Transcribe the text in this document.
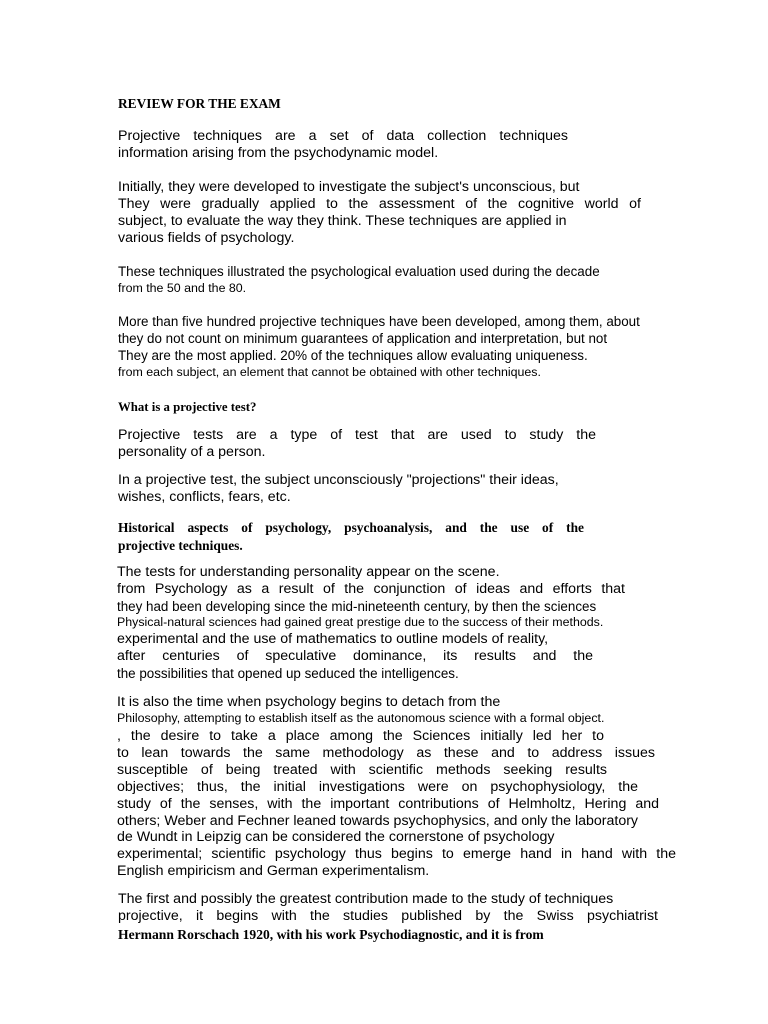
REVIEW FOR THE EXAM
Projective techniques are a set of data collection techniques
information arising from the psychodynamic model.
Initially, they were developed to investigate the subject's unconscious, but
They were gradually applied to the assessment of the cognitive world of
subject, to evaluate the way they think. These techniques are applied in
various fields of psychology.
These techniques illustrated the psychological evaluation used during the decade
from the 50 and the 80.
More than five hundred projective techniques have been developed, among them, about
they do not count on minimum guarantees of application and interpretation, but not
They are the most applied. 20% of the techniques allow evaluating uniqueness.
from each subject, an element that cannot be obtained with other techniques.
What is a projective test?
Projective tests are a type of test that are used to study the
personality of a person.
In a projective test, the subject unconsciously "projections" their ideas,
wishes, conflicts, fears, etc.
Historical aspects of psychology, psychoanalysis, and the use of the
projective techniques.
The tests for understanding personality appear on the scene.
from Psychology as a result of the conjunction of ideas and efforts that
they had been developing since the mid-nineteenth century, by then the sciences
Physical-natural sciences had gained great prestige due to the success of their methods.
experimental and the use of mathematics to outline models of reality,
after centuries of speculative dominance, its results and the
the possibilities that opened up seduced the intelligences.
It is also the time when psychology begins to detach from the
Philosophy, attempting to establish itself as the autonomous science with a formal object.
, the desire to take a place among the Sciences initially led her to
to lean towards the same methodology as these and to address issues
susceptible of being treated with scientific methods seeking results
objectives; thus, the initial investigations were on psychophysiology, the
study of the senses, with the important contributions of Helmholtz, Hering and
others; Weber and Fechner leaned towards psychophysics, and only the laboratory
de Wundt in Leipzig can be considered the cornerstone of psychology
experimental; scientific psychology thus begins to emerge hand in hand with the
English empiricism and German experimentalism.
The first and possibly the greatest contribution made to the study of techniques
projective, it begins with the studies published by the Swiss psychiatrist
Hermann Rorschach 1920, with his work Psychodiagnostic, and it is from
